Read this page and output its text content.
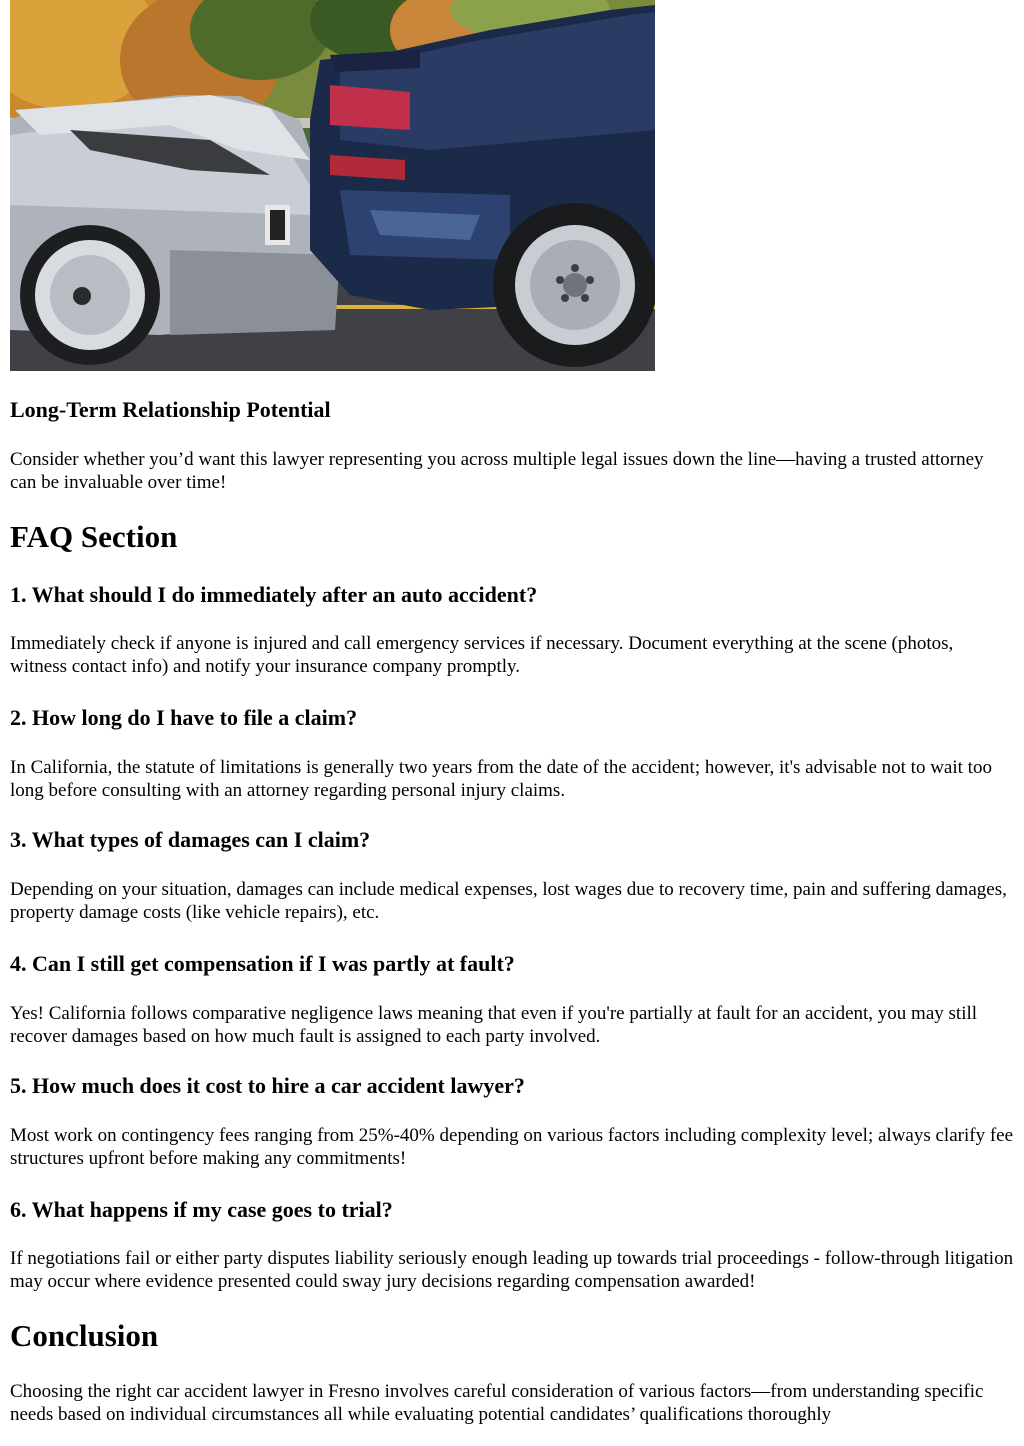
Long-Term Relationship Potential

Consider whether you’d want this lawyer representing you across multiple legal issues down the line—having a trusted attorney can be invaluable over time!

FAQ Section
1. What should I do immediately after an auto accident?

Immediately check if anyone is injured and call emergency services if necessary. Document everything at the scene (photos, witness contact info) and notify your insurance company promptly.

2. How long do I have to file a claim?

In California, the statute of limitations is generally two years from the date of the accident; however, it's advisable not to wait too long before consulting with an attorney regarding personal injury claims.

3. What types of damages can I claim?

Depending on your situation, damages can include medical expenses, lost wages due to recovery time, pain and suffering damages, property damage costs (like vehicle repairs), etc.

4. Can I still get compensation if I was partly at fault?

Yes! California follows comparative negligence laws meaning that even if you're partially at fault for an accident, you may still recover damages based on how much fault is assigned to each party involved.

5. How much does it cost to hire a car accident lawyer?

Most work on contingency fees ranging from 25%-40% depending on various factors including complexity level; always clarify fee structures upfront before making any commitments!

6. What happens if my case goes to trial?

If negotiations fail or either party disputes liability seriously enough leading up towards trial proceedings - follow-through litigation may occur where evidence presented could sway jury decisions regarding compensation awarded!

Conclusion

Choosing the right car accident lawyer in Fresno involves careful consideration of various factors—from understanding specific needs based on individual circumstances all while evaluating potential candidates’ qualifications thoroughly
